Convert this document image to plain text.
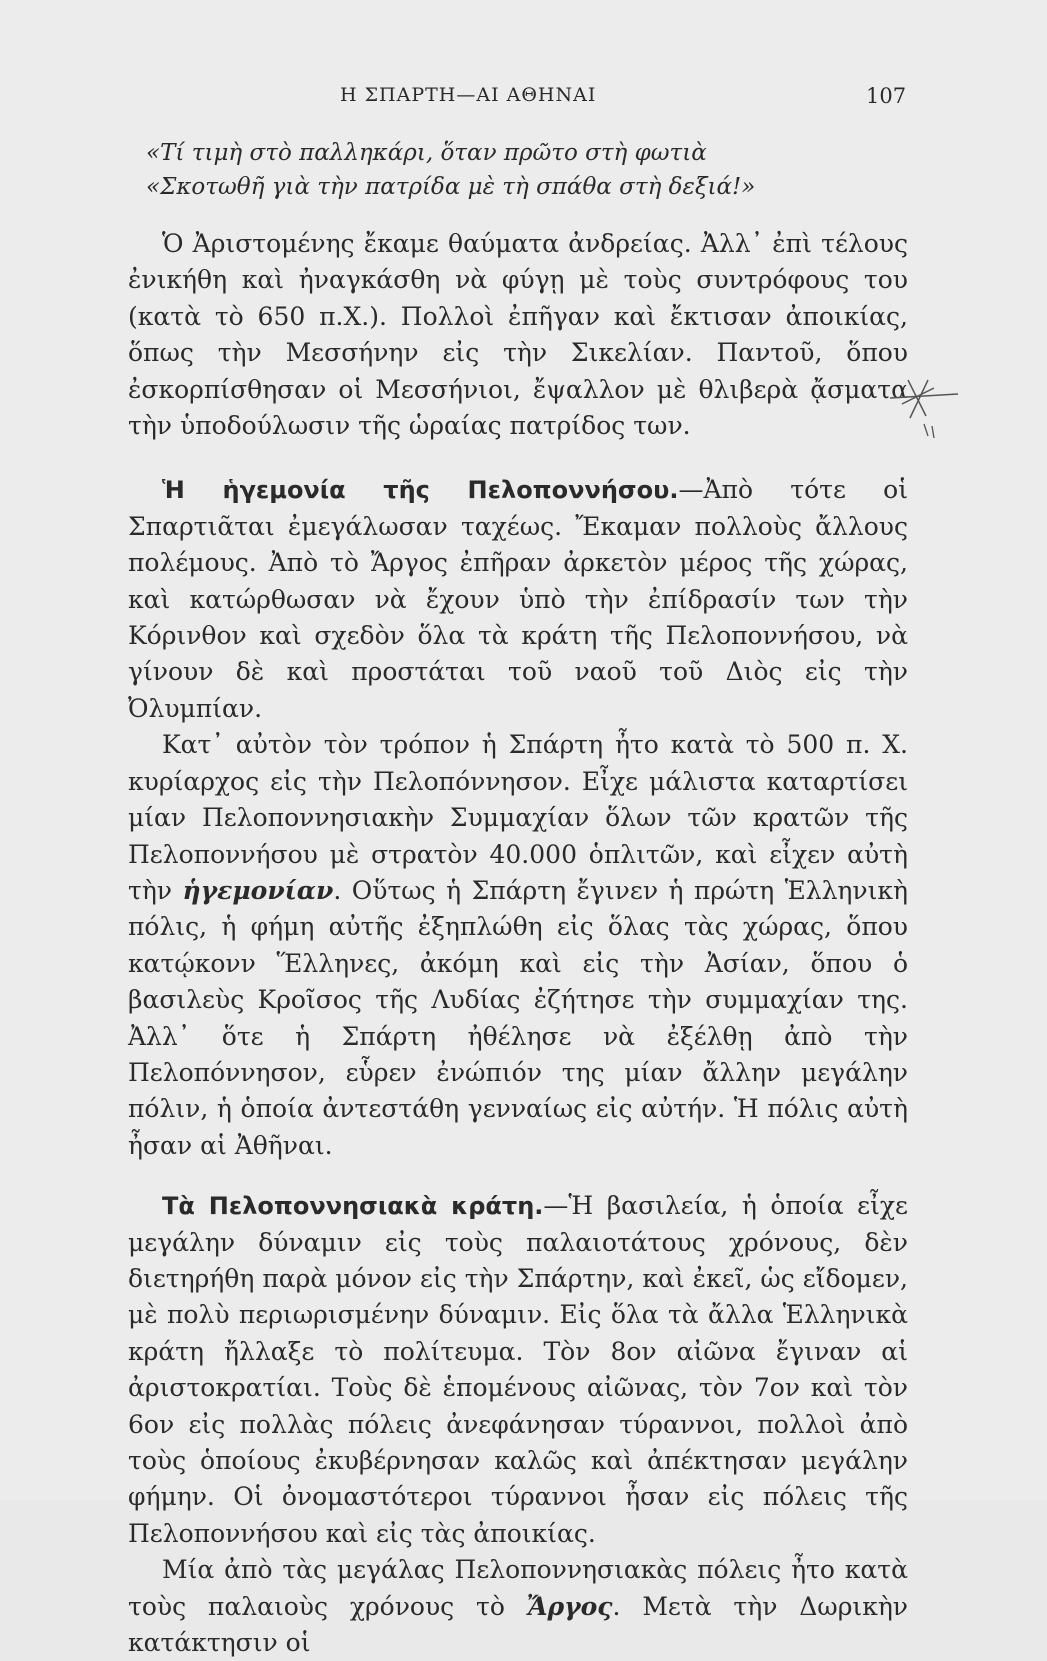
Η ΣΠΑΡΤΗ—ΑΙ ΑΘΗΝΑΙ	107

«Τί τιμὴ στὸ παλληκάρι, ὅταν πρῶτο στὴ φωτιὰ

«Σκοτωθῆ γιὰ τὴν πατρίδα μὲ τὴ σπάθα στὴ δεξιά!»

Ὁ Ἀριστομένης ἔκαμε θαύματα ἀνδρείας. Ἀλλ᾿ ἐπὶ τέλους ἐνικήθη καὶ ἠναγκάσθη νὰ φύγῃ μὲ τοὺς συντρόφους του (κατὰ τὸ 650 π.Χ.). Πολλοὶ ἐπῆγαν καὶ ἔκτισαν ἀποικίας, ὅπως τὴν Μεσσήνην εἰς τὴν Σικελίαν. Παντοῦ, ὅπου ἐσκορπίσθησαν οἱ Μεσσήνιοι, ἔψαλλον μὲ θλιβερὰ ᾄσματα τὴν ὑποδούλωσιν τῆς ὡραίας πατρίδος των.

Ἡ ἡγεμονία τῆς Πελοποννήσου.—Ἀπὸ τότε οἱ Σπαρτιᾶται ἐμεγάλωσαν ταχέως. Ἔκαμαν πολλοὺς ἄλλους πολέμους. Ἀπὸ τὸ Ἄργος ἐπῆραν ἀρκετὸν μέρος τῆς χώρας, καὶ κατώρθωσαν νὰ ἔχουν ὑπὸ τὴν ἐπίδρασίν των τὴν Κόρινθον καὶ σχεδὸν ὅλα τὰ κράτη τῆς Πελοποννήσου, νὰ γίνουν δὲ καὶ προστάται τοῦ ναοῦ τοῦ Διὸς εἰς τὴν Ὀλυμπίαν.

Κατ᾿ αὐτὸν τὸν τρόπον ἡ Σπάρτη ἦτο κατὰ τὸ 500 π. Χ. κυρίαρχος εἰς τὴν Πελοπόννησον. Εἶχε μάλιστα καταρτίσει μίαν Πελοποννησιακὴν Συμμαχίαν ὅλων τῶν κρατῶν τῆς Πελοποννήσου μὲ στρατὸν 40.000 ὁπλιτῶν, καὶ εἶχεν αὐτὴ τὴν ἡγεμονίαν. Οὕτως ἡ Σπάρτη ἔγινεν ἡ πρώτη Ἑλληνικὴ πόλις, ἡ φήμη αὐτῆς ἐξηπλώθη εἰς ὅλας τὰς χώρας, ὅπου κατῴκονν Ἕλληνες, ἀκόμη καὶ εἰς τὴν Ἀσίαν, ὅπου ὁ βασιλεὺς Κροῖσος τῆς Λυδίας ἐζήτησε τὴν συμμαχίαν της. Ἀλλ᾿ ὅτε ἡ Σπάρτη ἠθέλησε νὰ ἐξέλθῃ ἀπὸ τὴν Πελοπόννησον, εὗρεν ἐνώπιόν της μίαν ἄλλην μεγάλην πόλιν, ἡ ὁποία ἀντεστάθη γενναίως εἰς αὐτήν. Ἡ πόλις αὐτὴ ἦσαν αἱ Ἀθῆναι.

Τὰ Πελοποννησιακὰ κράτη.—Ἡ βασιλεία, ἡ ὁποία εἶχε μεγάλην δύναμιν εἰς τοὺς παλαιοτάτους χρόνους, δὲν διετηρήθη παρὰ μόνον εἰς τὴν Σπάρτην, καὶ ἐκεῖ, ὡς εἴδομεν, μὲ πολὺ περιωρισμένην δύναμιν. Εἰς ὅλα τὰ ἄλλα Ἑλληνικὰ κράτη ἤλλαξε τὸ πολίτευμα. Τὸν 8ον αἰῶνα ἔγιναν αἱ ἀριστοκρατίαι. Τοὺς δὲ ἑπομένους αἰῶνας, τὸν 7ον καὶ τὸν 6ον εἰς πολλὰς πόλεις ἀνεφάνησαν τύραννοι, πολλοὶ ἀπὸ τοὺς ὁποίους ἐκυβέρνησαν καλῶς καὶ ἀπέκτησαν μεγάλην φήμην. Οἱ ὀνομαστότεροι τύραννοι ἦσαν εἰς πόλεις τῆς Πελοποννήσου καὶ εἰς τὰς ἀποικίας.

Μία ἀπὸ τὰς μεγάλας Πελοποννησιακὰς πόλεις ἦτο κατὰ τοὺς παλαιοὺς χρόνους τὸ Ἄργος. Μετὰ τὴν Δωρικὴν κατάκτησιν οἱ
